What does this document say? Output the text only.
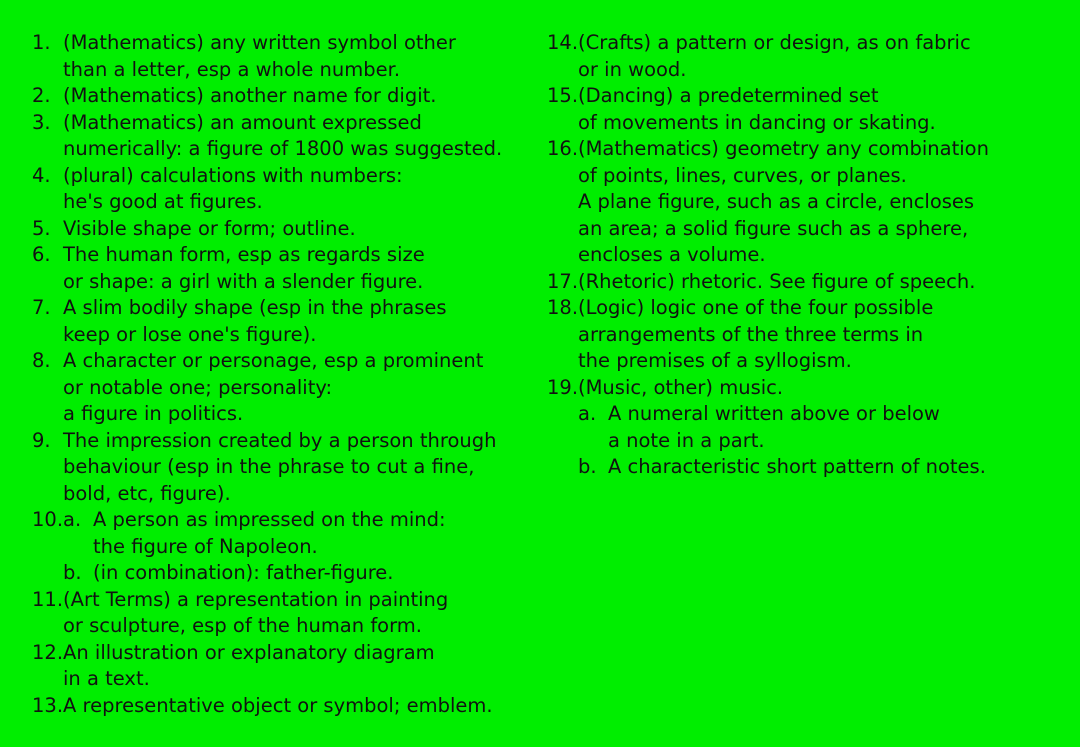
1. (Mathematics) any written symbol other
than a letter, esp a whole number.
2. (Mathematics) another name for digit.
3. (Mathematics) an amount expressed
numerically: a figure of 1800 was suggested.
4. (plural) calculations with numbers:
he's good at figures.
5. Visible shape or form; outline.
6. The human form, esp as regards size
or shape: a girl with a slender figure.
7. A slim bodily shape (esp in the phrases
keep or lose one's figure).
8. A character or personage, esp a prominent
or notable one; personality:
a figure in politics.
9. The impression created by a person through
behaviour (esp in the phrase to cut a fine,
bold, etc, figure).
10. a. A person as impressed on the mind:
the figure of Napoleon.
b. (in combination): father-figure.
11. (Art Terms) a representation in painting
or sculpture, esp of the human form.
12. An illustration or explanatory diagram
in a text.
13. A representative object or symbol; emblem.
14. (Crafts) a pattern or design, as on fabric
or in wood.
15. (Dancing) a predetermined set
of movements in dancing or skating.
16. (Mathematics) geometry any combination
of points, lines, curves, or planes.
A plane figure, such as a circle, encloses
an area; a solid figure such as a sphere,
encloses a volume.
17. (Rhetoric) rhetoric. See figure of speech.
18. (Logic) logic one of the four possible
arrangements of the three terms in
the premises of a syllogism.
19. (Music, other) music.
a. A numeral written above or below
a note in a part.
b. A characteristic short pattern of notes.
